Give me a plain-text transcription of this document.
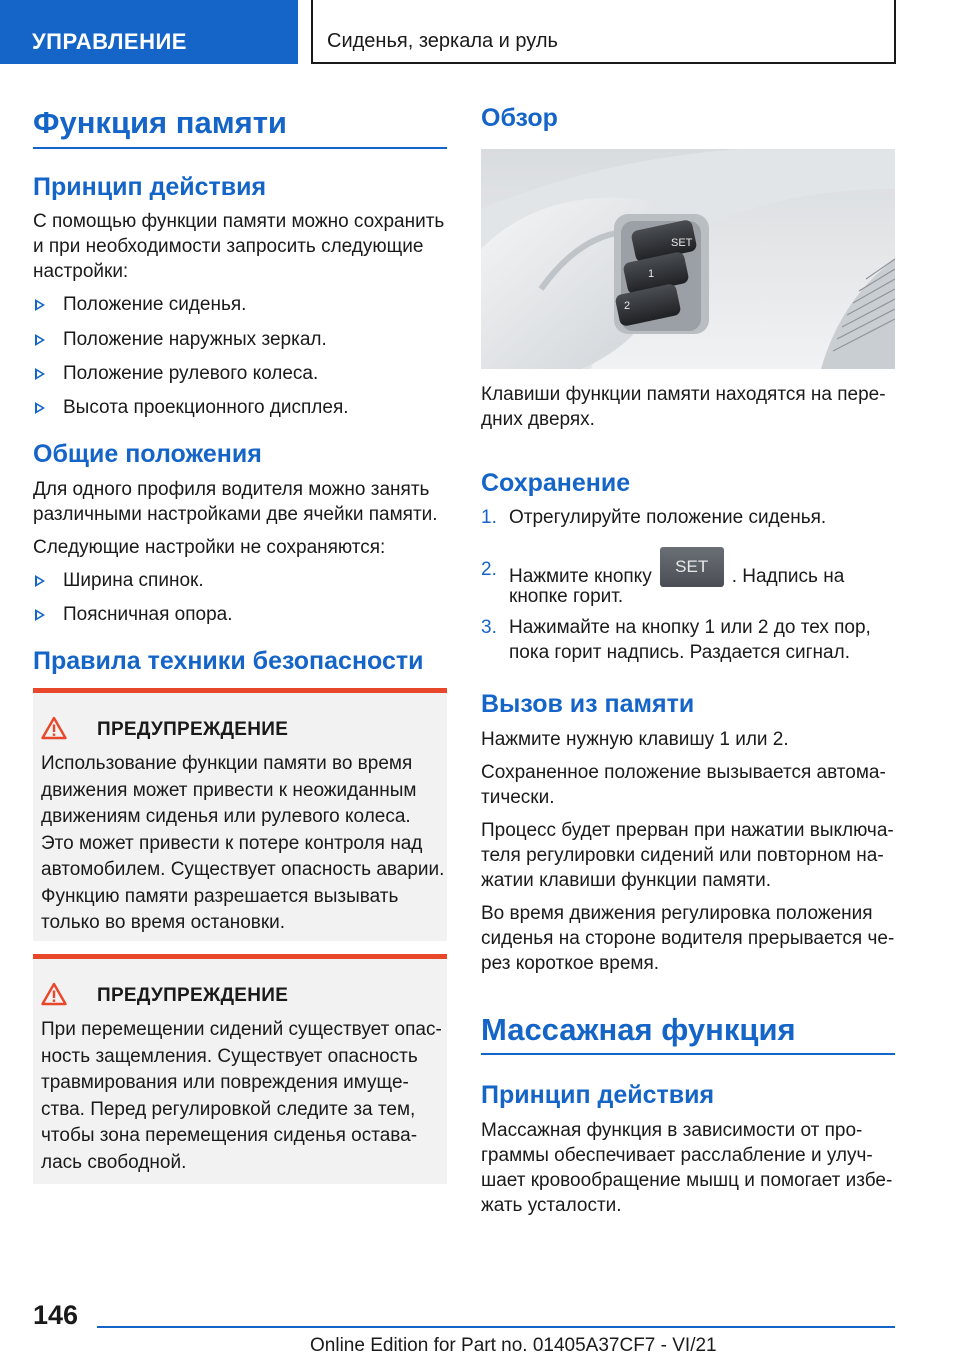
УПРАВЛЕНИЕ	Сиденья, зеркала и руль
Функция памяти
Принцип действия

С помощью функции памяти можно сохранить

и при необходимости запросить следующие

настройки:

Положение сиденья.
Положение наружных зеркал.
Положение рулевого колеса.
Высота проекционного дисплея.
Общие положения

Для одного профиля водителя можно занять

различными настройками две ячейки памяти.

Следующие настройки не сохраняются:

Ширина спинок.
Поясничная опора.
Правила техники безопасности
ПРЕДУПРЕЖДЕНИЕ
Использование функции памяти во время
движения может привести к неожиданным
движениям сиденья или рулевого колеса.
Это может привести к потере контроля над
автомобилем. Существует опасность аварии.
Функцию памяти разрешается вызывать
только во время остановки.
ПРЕДУПРЕЖДЕНИЕ
При перемещении сидений существует опас-
ность защемления. Существует опасность
травмирования или повреждения имуще-
ства. Перед регулировкой следите за тем,
чтобы зона перемещения сиденья остава-
лась свободной.
Обзор
SET
1
2

Клавиши функции памяти находятся на пере-

дних дверях.

Сохранение
1. Отрегулируйте положение сиденья.
2. Нажмите кнопку SET . Надпись на
кнопке горит.
3. Нажимайте на кнопку 1 или 2 до тех пор,
пока горит надпись. Раздается сигнал.
Вызов из памяти

Нажмите нужную клавишу 1 или 2.

Сохраненное положение вызывается автома-

тически.

Процесс будет прерван при нажатии выключа-

теля регулировки сидений или повторном на-

жатии клавиши функции памяти.

Во время движения регулировка положения

сиденья на стороне водителя прерывается че-

рез короткое время.

Массажная функция
Принцип действия

Массажная функция в зависимости от про-

граммы обеспечивает расслабление и улуч-

шает кровообращение мышц и помогает избе-

жать усталости.

146
Online Edition for Part no. 01405A37CF7 - VI/21
